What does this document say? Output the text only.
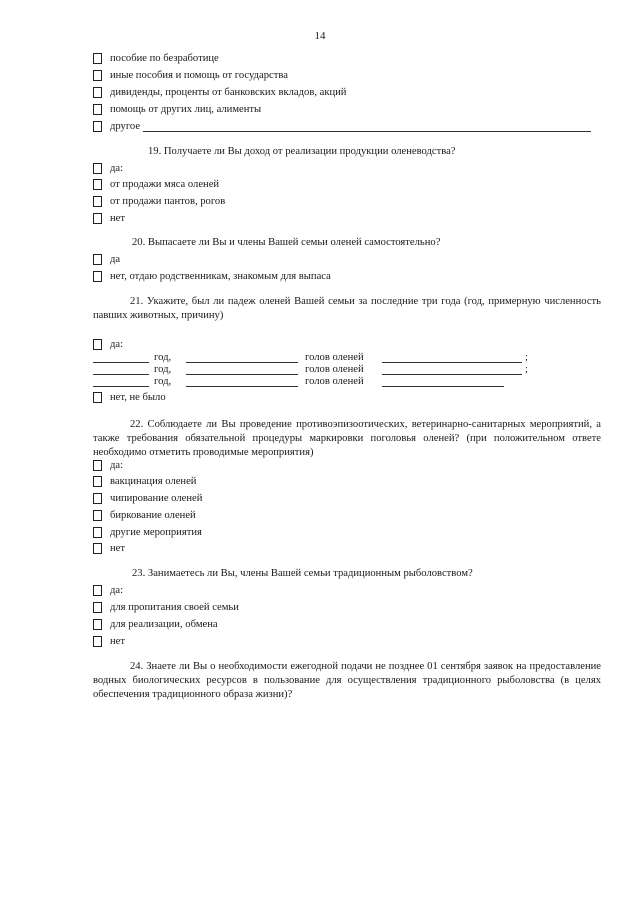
14
пособие по безработице
иные пособия и помощь от государства
дивиденды, проценты от банковских вкладов, акций
помощь от других лиц, алименты
другое
19. Получаете ли Вы доход от реализации продукции оленеводства?
да:
от продажи мяса оленей
от продажи пантов, рогов
нет
20. Выпасаете ли Вы и члены Вашей семьи оленей самостоятельно?
да
нет, отдаю родственникам, знакомым для выпаса
21. Укажите, был ли падеж оленей Вашей семьи за последние три года (год, примерную численность павших животных, причину)
да:
год,	голов оленей	;
год,	голов оленей	;
год,	голов оленей
нет, не было
22. Соблюдаете ли Вы проведение противоэпизоотических, ветеринарно-санитарных мероприятий, а также требования обязательной процедуры маркировки поголовья оленей? (при положительном ответе необходимо отметить проводимые мероприятия)
да:
вакцинация оленей
чипирование оленей
биркование оленей
другие мероприятия
нет
23. Занимаетесь ли Вы, члены Вашей семьи традиционным рыболовством?
да:
для пропитания своей семьи
для реализации, обмена
нет
24. Знаете ли Вы о необходимости ежегодной подачи не позднее 01 сентября заявок на предоставление водных биологических ресурсов в пользование для осуществления традиционного рыболовства (в целях обеспечения традиционного образа жизни)?
